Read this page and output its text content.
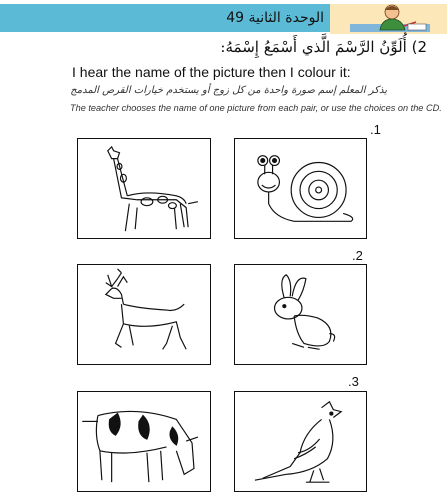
الوحدة الثانية 49
2) أُلَوِّنُ الرَّسْمَ الَّذي أَسْمَعُ إِسْمَهُ:
I hear the name of the picture then I colour it:
يذكر المعلم إسم صورة واحدة من كل زوج أو يستخدم خيارات القرص المدمج
The teacher chooses the name of one picture from each pair, or use the choices on the CD.
.1
.2
.3
